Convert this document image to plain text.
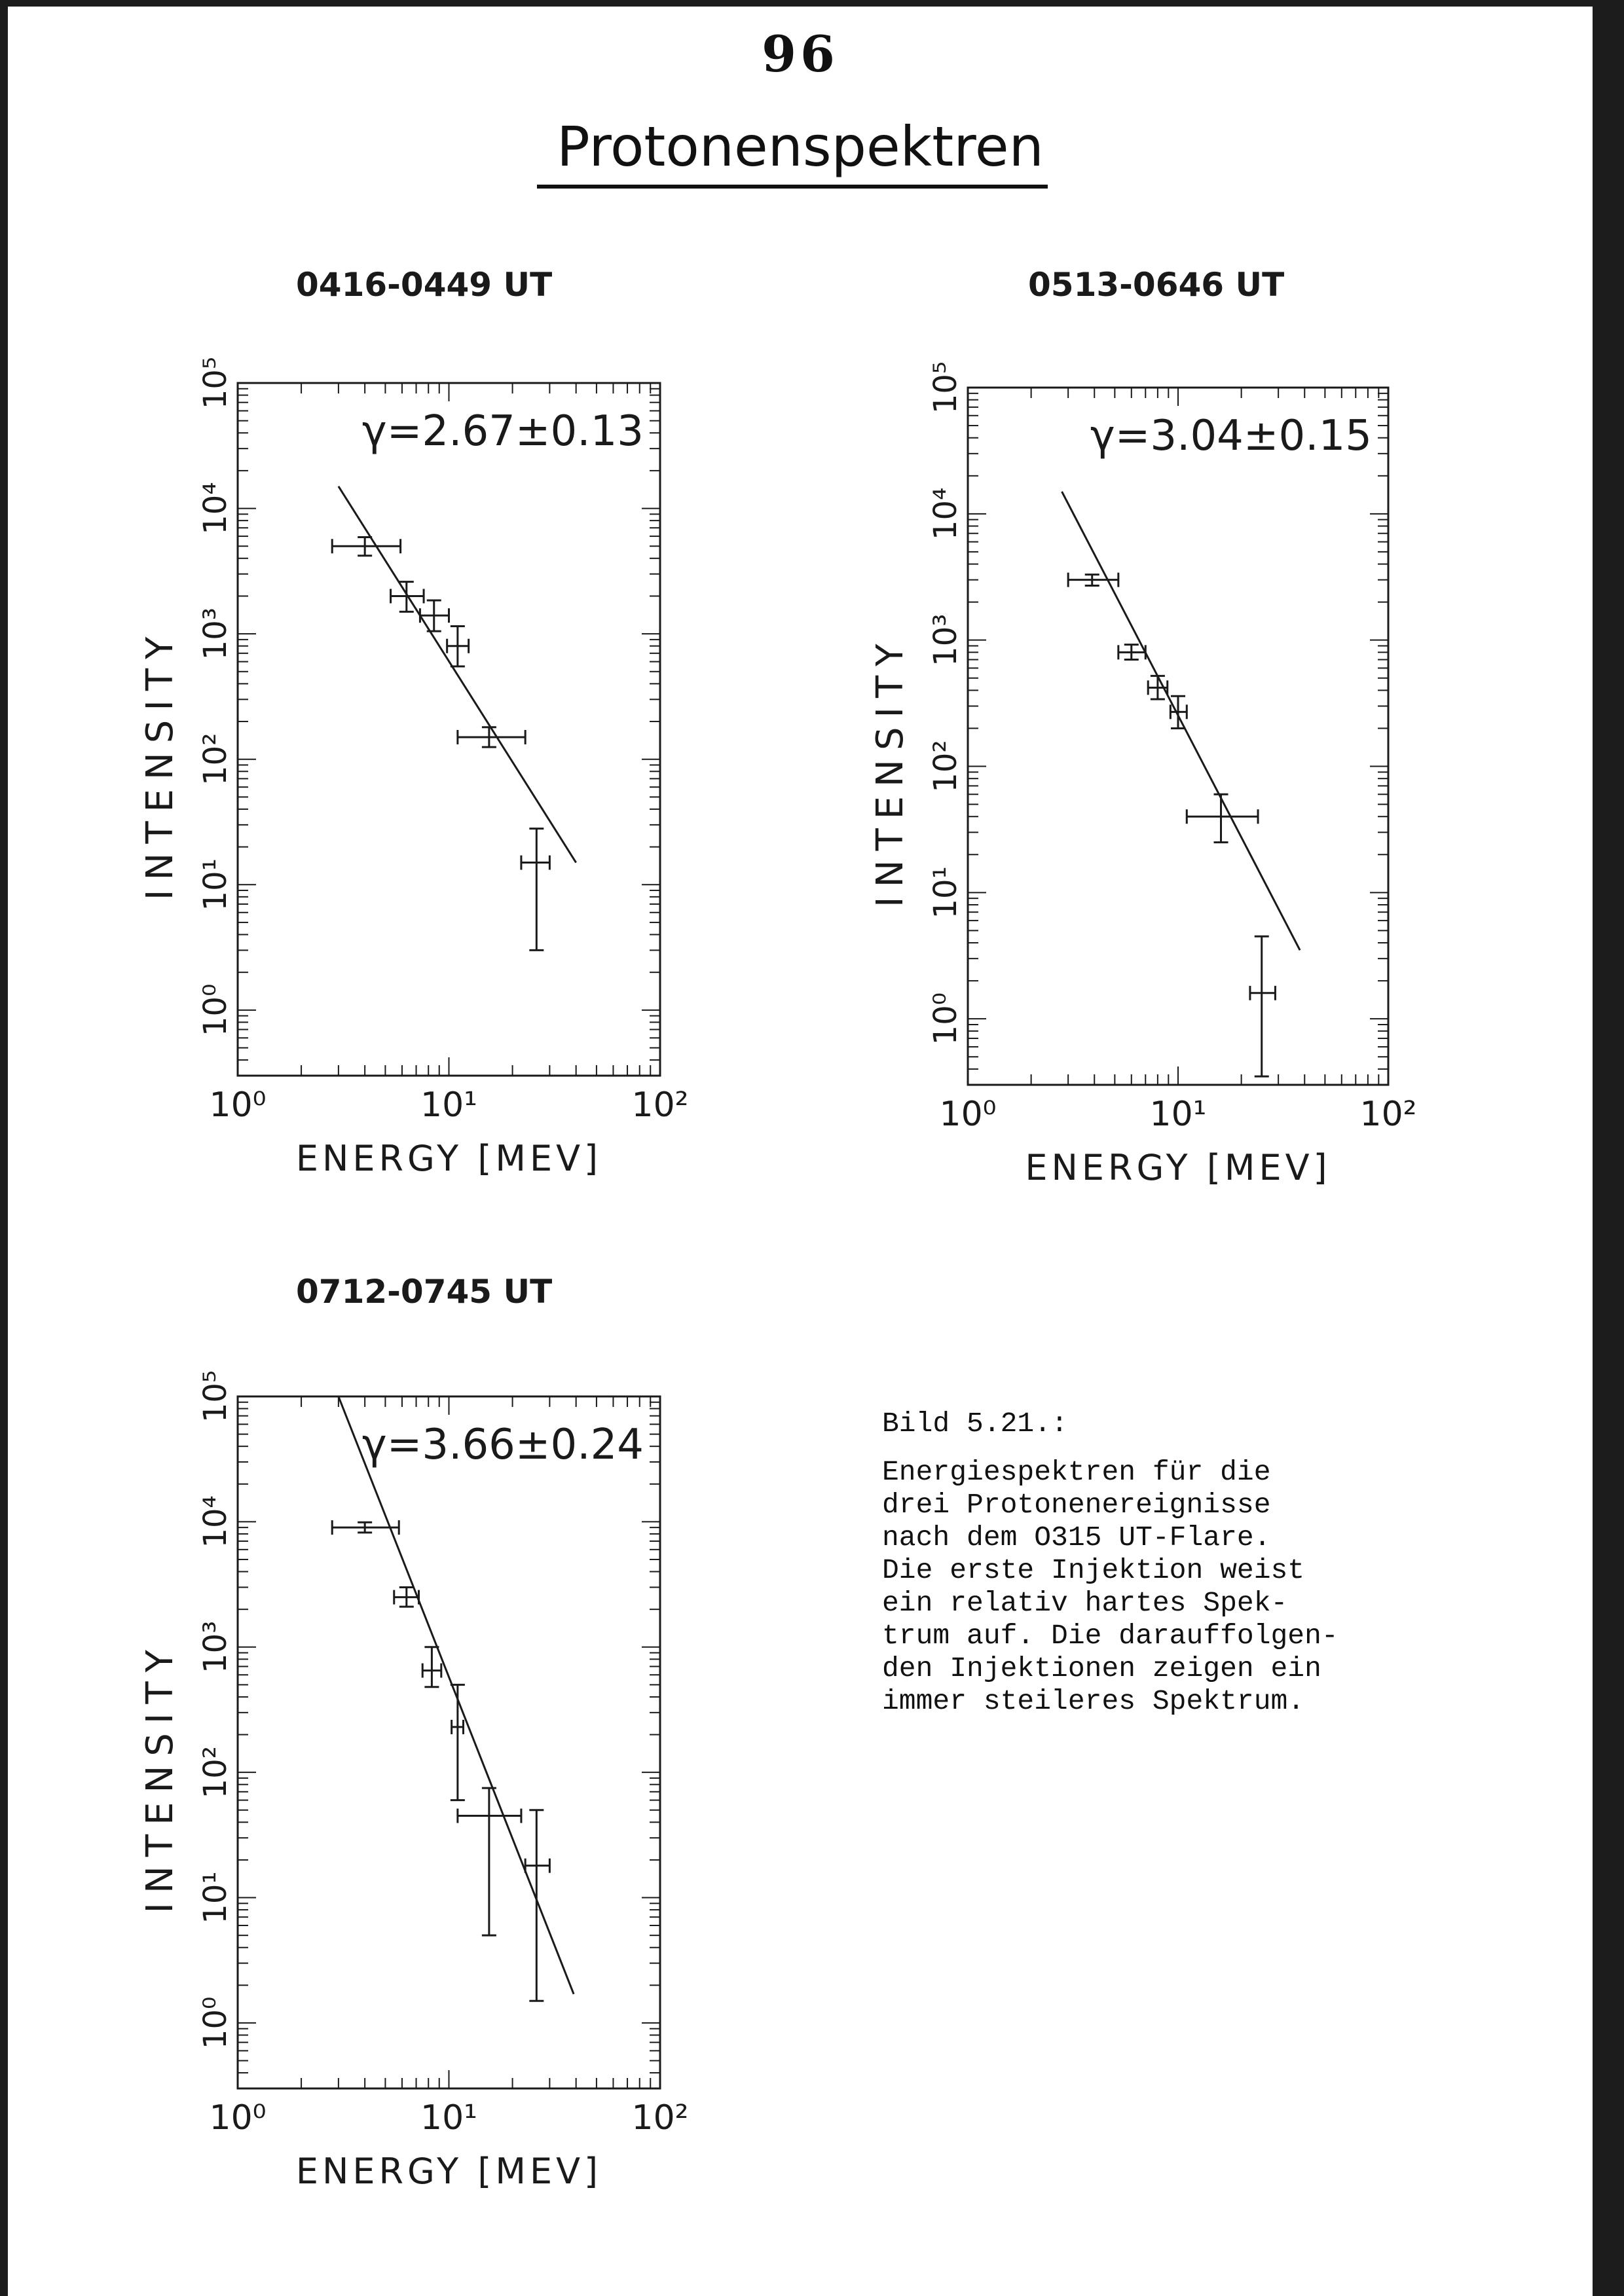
96
Protonenspektren

Bild 5.21.:

Energiespektren für die
drei Protonenereignisse
nach dem O315 UT-Flare.
Die erste Injektion weist
ein relativ hartes Spek-
trum auf. Die darauffolgen-
den Injektionen zeigen ein
immer steileres Spektrum.

10⁰	10¹	10²
10⁰
10¹
10²
10³
10⁴
10⁵
ENERGY [MEV]
INTENSITY
0416-0449 UT
γ=2.67±0.13
10⁰	10¹	10²
10⁰
10¹
10²
10³
10⁴
10⁵
ENERGY [MEV]
INTENSITY
0513-0646 UT
γ=3.04±0.15
10⁰	10¹	10²
10⁰
10¹
10²
10³
10⁴
10⁵
ENERGY [MEV]
INTENSITY
0712-0745 UT
γ=3.66±0.24
